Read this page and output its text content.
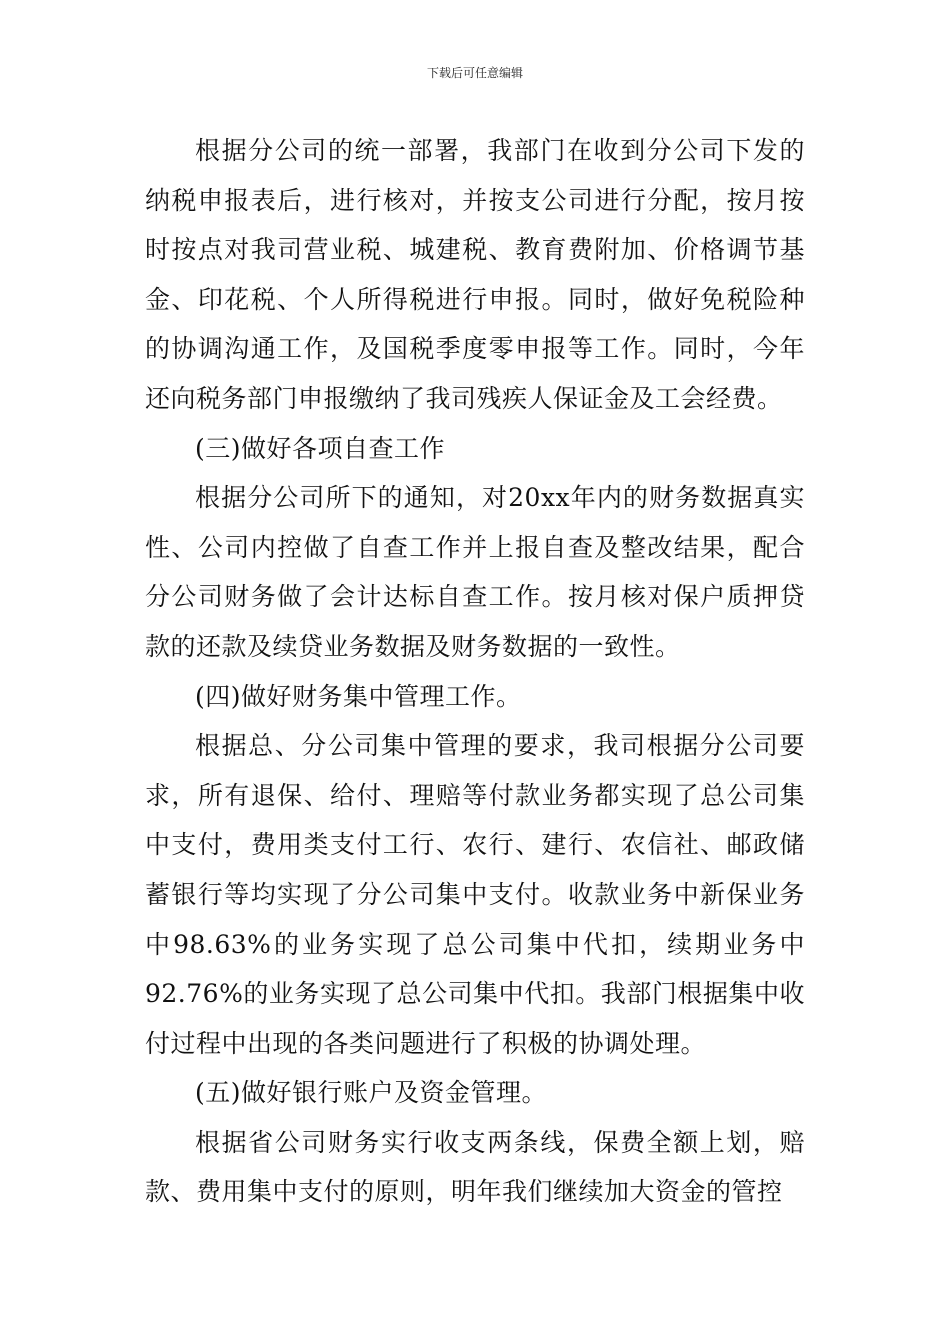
下载后可任意编辑

根据分公司的统一部署，我部门在收到分公司下发的纳税申报表后，进行核对，并按支公司进行分配，按月按时按点对我司营业税、城建税、教育费附加、价格调节基金、印花税、个人所得税进行申报。同时，做好免税险种的协调沟通工作，及国税季度零申报等工作。同时，今年还向税务部门申报缴纳了我司残疾人保证金及工会经费。

(三)做好各项自查工作

根据分公司所下的通知，对20xx年内的财务数据真实性、公司内控做了自查工作并上报自查及整改结果，配合分公司财务做了会计达标自查工作。按月核对保户质押贷款的还款及续贷业务数据及财务数据的一致性。

(四)做好财务集中管理工作。

根据总、分公司集中管理的要求，我司根据分公司要求，所有退保、给付、理赔等付款业务都实现了总公司集中支付，费用类支付工行、农行、建行、农信社、邮政储蓄银行等均实现了分公司集中支付。收款业务中新保业务中98.63%的业务实现了总公司集中代扣，续期业务中92.76%的业务实现了总公司集中代扣。我部门根据集中收付过程中出现的各类问题进行了积极的协调处理。

(五)做好银行账户及资金管理。

根据省公司财务实行收支两条线，保费全额上划，赔款、费用集中支付的原则，明年我们继续加大资金的管控
